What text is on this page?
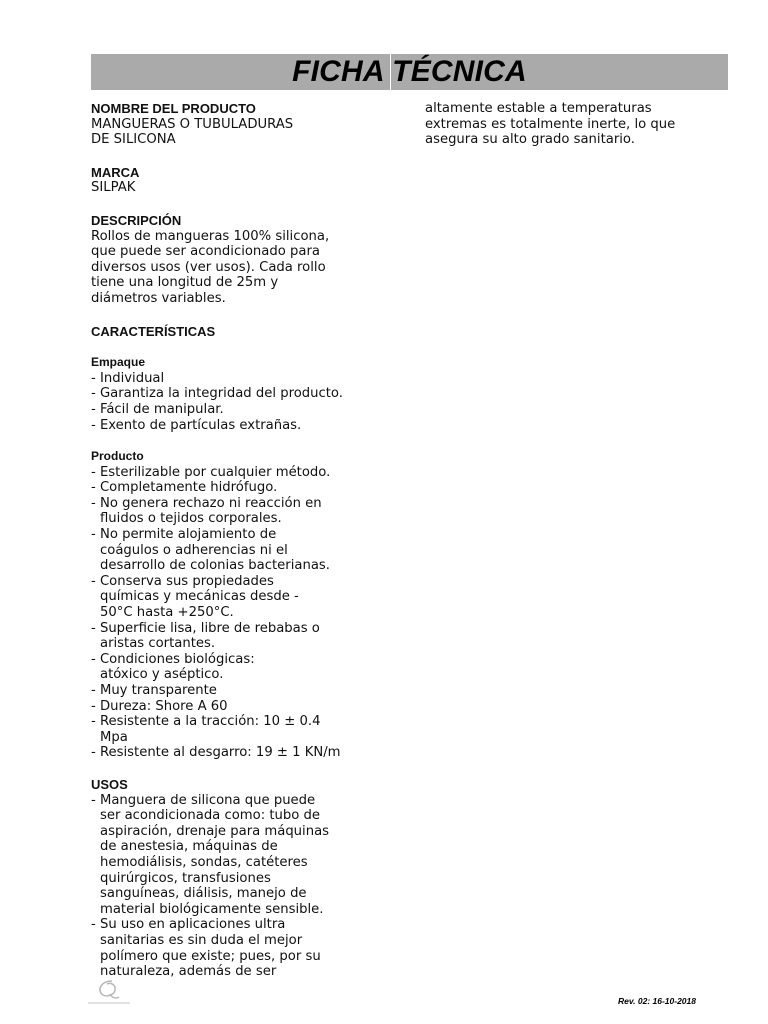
FICHA TÉCNICA
NOMBRE DEL PRODUCTO
MANGUERAS O TUBULADURAS
DE SILICONA
MARCA
SILPAK
DESCRIPCIÓN
Rollos de mangueras 100% silicona,
que puede ser acondicionado para
diversos usos (ver usos). Cada rollo
tiene una longitud de 25m y
diámetros variables.
CARACTERÍSTICAS
Empaque
- Individual
- Garantiza la integridad del producto.
- Fácil de manipular.
- Exento de partículas extrañas.
Producto
- Esterilizable por cualquier método.
- Completamente hidrófugo.
- No genera rechazo ni reacción en
fluidos o tejidos corporales.
- No permite alojamiento de
coágulos o adherencias ni el
desarrollo de colonias bacterianas.
- Conserva sus propiedades
químicas y mecánicas desde -
50°C hasta +250°C.
- Superficie lisa, libre de rebabas o
aristas cortantes.
- Condiciones biológicas:
atóxico y aséptico.
- Muy transparente
- Dureza: Shore A 60
- Resistente a la tracción: 10 ± 0.4
Mpa
- Resistente al desgarro: 19 ± 1 KN/m
USOS
- Manguera de silicona que puede
ser acondicionada como: tubo de
aspiración, drenaje para máquinas
de anestesia, máquinas de
hemodiálisis, sondas, catéteres
quirúrgicos, transfusiones
sanguíneas, diálisis, manejo de
material biológicamente sensible.
- Su uso en aplicaciones ultra
sanitarias es sin duda el mejor
polímero que existe; pues, por su
naturaleza, además de ser
altamente estable a temperaturas
extremas es totalmente inerte, lo que
asegura su alto grado sanitario.
Rev. 02: 16-10-2018
